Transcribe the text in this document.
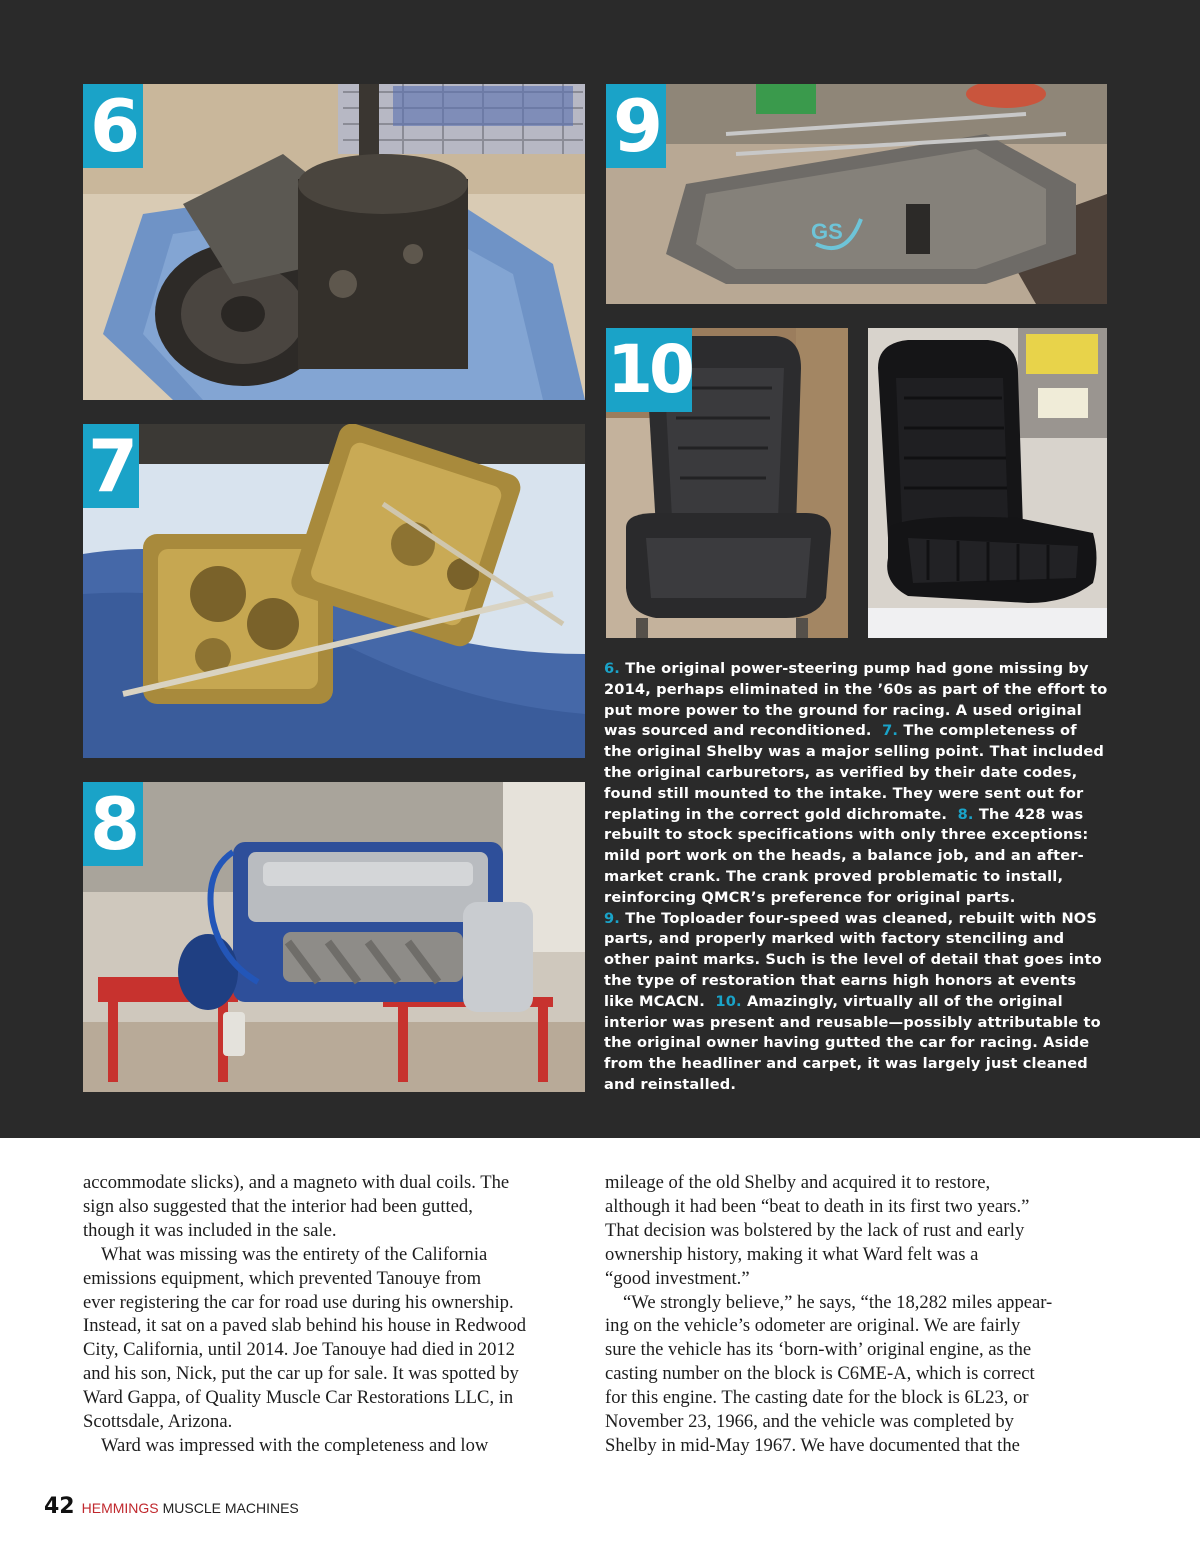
6
7
8
GS
9
10
6. The original power-steering pump had gone missing by 2014, perhaps eliminated in the ’60s as part of the effort to put more power to the ground for racing. A used original was sourced and reconditioned. 7. The completeness of the original Shelby was a major selling point. That included the original carburetors, as verified by their date codes, found still mounted to the intake. They were sent out for replating in the correct gold dichromate. 8. The 428 was rebuilt to stock specifications with only three exceptions: mild port work on the heads, a balance job, and an after-market crank. The crank proved problematic to install, reinforcing QMCR’s preference for original parts.
9. The Toploader four-speed was cleaned, rebuilt with NOS parts, and properly marked with factory stenciling and other paint marks. Such is the level of detail that goes into the type of restoration that earns high honors at events like MCACN. 10. Amazingly, virtually all of the original interior was present and reusable—possibly attributable to the original owner having gutted the car for racing. Aside from the headliner and carpet, it was largely just cleaned and reinstalled.

accommodate slicks), and a magneto with dual coils. The
sign also suggested that the interior had been gutted,
though it was included in the sale.

What was missing was the entirety of the California
emissions equipment, which prevented Tanouye from
ever registering the car for road use during his ownership.
Instead, it sat on a paved slab behind his house in Redwood
City, California, until 2014. Joe Tanouye had died in 2012
and his son, Nick, put the car up for sale. It was spotted by
Ward Gappa, of Quality Muscle Car Restorations LLC, in
Scottsdale, Arizona.

Ward was impressed with the completeness and low

mileage of the old Shelby and acquired it to restore,
although it had been “beat to death in its first two years.”
That decision was bolstered by the lack of rust and early
ownership history, making it what Ward felt was a
“good investment.”

“We strongly believe,” he says, “the 18,282 miles appear-
ing on the vehicle’s odometer are original. We are fairly
sure the vehicle has its ‘born-with’ original engine, as the
casting number on the block is C6ME-A, which is correct
for this engine. The casting date for the block is 6L23, or
November 23, 1966, and the vehicle was completed by
Shelby in mid-May 1967. We have documented that the

42 HEMMINGS MUSCLE MACHINES
